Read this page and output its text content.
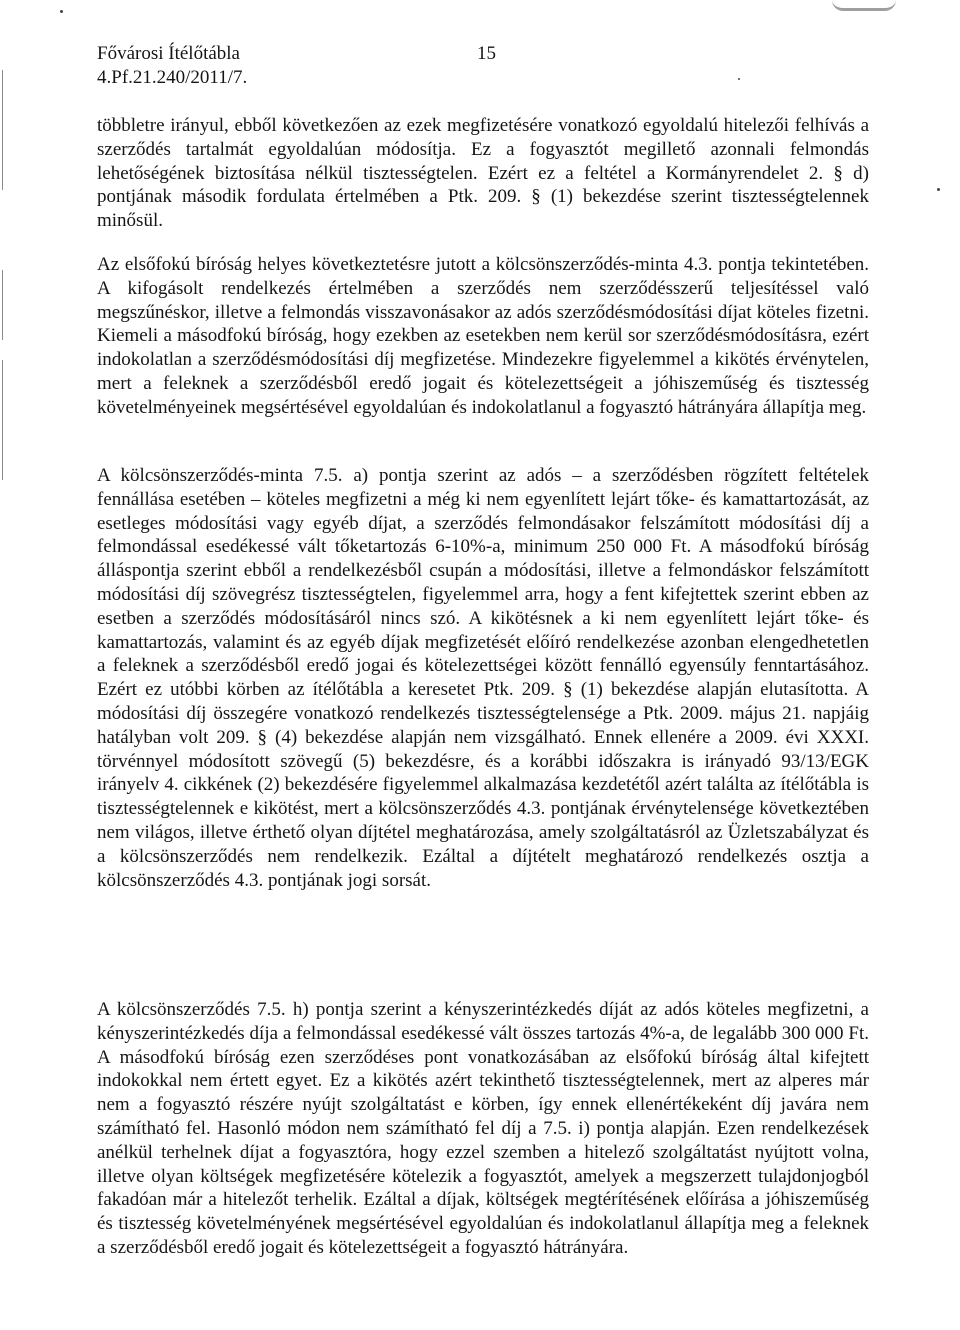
Fővárosi Ítélőtábla	15
4.Pf.21.240/2011/7.

többletre irányul, ebből következően az ezek megfizetésére vonatkozó egyoldalú hitelezői felhívás a szerződés tartalmát egyoldalúan módosítja. Ez a fogyasztót megillető azonnali felmondás lehetőségének biztosítása nélkül tisztességtelen. Ezért ez a feltétel a Kormányrendelet 2. § d) pontjának második fordulata értelmében a Ptk. 209. § (1) bekezdése szerint tisztességtelennek minősül.

Az elsőfokú bíróság helyes következtetésre jutott a kölcsönszerződés-minta 4.3. pontja tekintetében. A kifogásolt rendelkezés értelmében a szerződés nem szerződésszerű teljesítéssel való megszűnéskor, illetve a felmondás visszavonásakor az adós szerződésmódosítási díjat köteles fizetni. Kiemeli a másodfokú bíróság, hogy ezekben az esetekben nem kerül sor szerződésmódosításra, ezért indokolatlan a szerződésmódosítási díj megfizetése. Mindezekre figyelemmel a kikötés érvénytelen, mert a feleknek a szerződésből eredő jogait és kötelezettségeit a jóhiszeműség és tisztesség követelményeinek megsértésével egyoldalúan és indokolatlanul a fogyasztó hátrányára állapítja meg.

A kölcsönszerződés-minta 7.5. a) pontja szerint az adós – a szerződésben rögzített feltételek fennállása esetében – köteles megfizetni a még ki nem egyenlített lejárt tőke- és kamattartozását, az esetleges módosítási vagy egyéb díjat, a szerződés felmondásakor felszámított módosítási díj a felmondással esedékessé vált tőketartozás 6-10%-a, minimum 250 000 Ft. A másodfokú bíróság álláspontja szerint ebből a rendelkezésből csupán a módosítási, illetve a felmondáskor felszámított módosítási díj szövegrész tisztességtelen, figyelemmel arra, hogy a fent kifejtettek szerint ebben az esetben a szerződés módosításáról nincs szó. A kikötésnek a ki nem egyenlített lejárt tőke- és kamattartozás, valamint és az egyéb díjak megfizetését előíró rendelkezése azonban elengedhetetlen a feleknek a szerződésből eredő jogai és kötelezettségei között fennálló egyensúly fenntartásához. Ezért ez utóbbi körben az ítélőtábla a keresetet Ptk. 209. § (1) bekezdése alapján elutasította. A módosítási díj összegére vonatkozó rendelkezés tisztességtelensége a Ptk. 2009. május 21. napjáig hatályban volt 209. § (4) bekezdése alapján nem vizsgálható. Ennek ellenére a 2009. évi XXXI. törvénnyel módosított szövegű (5) bekezdésre, és a korábbi időszakra is irányadó 93/13/EGK irányelv 4. cikkének (2) bekezdésére figyelemmel alkalmazása kezdetétől azért találta az ítélőtábla is tisztességtelennek e kikötést, mert a kölcsönszerződés 4.3. pontjának érvénytelensége következtében nem világos, illetve érthető olyan díjtétel meghatározása, amely szolgáltatásról az Üzletszabályzat és a kölcsönszerződés nem rendelkezik. Ezáltal a díjtételt meghatározó rendelkezés osztja a kölcsönszerződés 4.3. pontjának jogi sorsát.

A kölcsönszerződés 7.5. h) pontja szerint a kényszerintézkedés díját az adós köteles megfizetni, a kényszerintézkedés díja a felmondással esedékessé vált összes tartozás 4%-a, de legalább 300 000 Ft. A másodfokú bíróság ezen szerződéses pont vonatkozásában az elsőfokú bíróság által kifejtett indokokkal nem értett egyet. Ez a kikötés azért tekinthető tisztességtelennek, mert az alperes már nem a fogyasztó részére nyújt szolgáltatást e körben, így ennek ellenértékeként díj javára nem számítható fel. Hasonló módon nem számítható fel díj a 7.5. i) pontja alapján. Ezen rendelkezések anélkül terhelnek díjat a fogyasztóra, hogy ezzel szemben a hitelező szolgáltatást nyújtott volna, illetve olyan költségek megfizetésére kötelezik a fogyasztót, amelyek a megszerzett tulajdonjogból fakadóan már a hitelezőt terhelik. Ezáltal a díjak, költségek megtérítésének előírása a jóhiszeműség és tisztesség követelményének megsértésével egyoldalúan és indokolatlanul állapítja meg a feleknek a szerződésből eredő jogait és kötelezettségeit a fogyasztó hátrányára.
